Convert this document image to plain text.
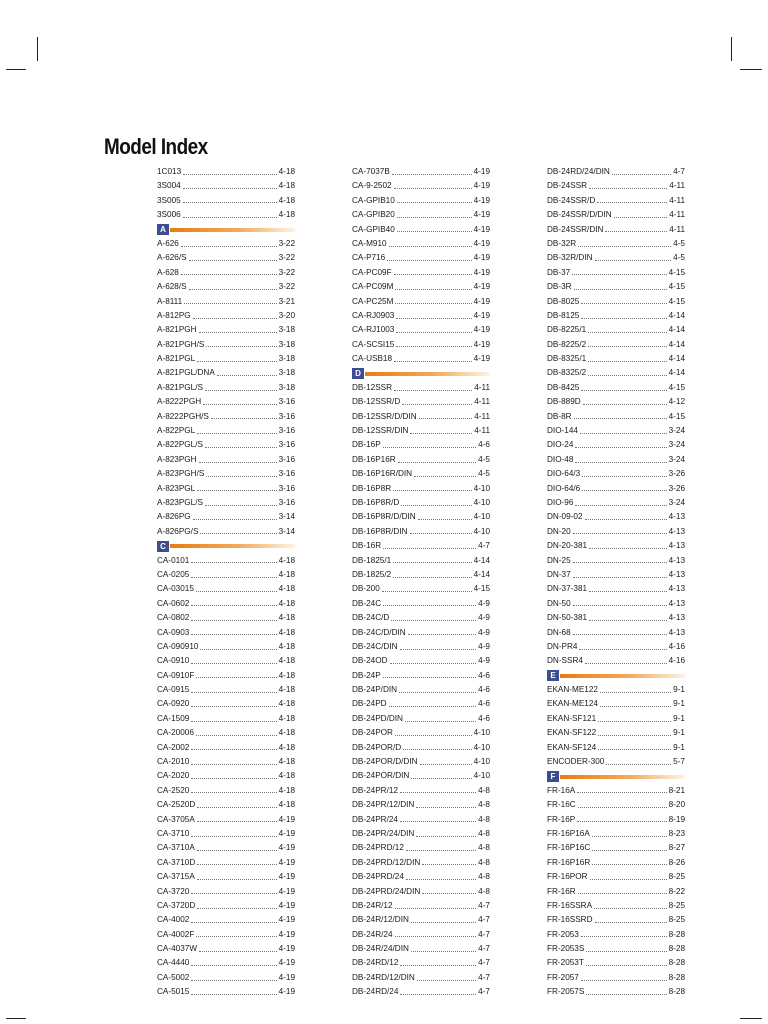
Model Index
1C013	4-18
3S004	4-18
3S005	4-18
3S006	4-18
A
A-626	3-22
A-626/S	3-22
A-628	3-22
A-628/S	3-22
A-8111	3-21
A-812PG	3-20
A-821PGH	3-18
A-821PGH/S	3-18
A-821PGL	3-18
A-821PGL/DNA	3-18
A-821PGL/S	3-18
A-8222PGH	3-16
A-8222PGH/S	3-16
A-822PGL	3-16
A-822PGL/S	3-16
A-823PGH	3-16
A-823PGH/S	3-16
A-823PGL	3-16
A-823PGL/S	3-16
A-826PG	3-14
A-826PG/S	3-14
C
CA-0101	4-18
CA-0205	4-18
CA-03015	4-18
CA-0602	4-18
CA-0802	4-18
CA-0903	4-18
CA-090910	4-18
CA-0910	4-18
CA-0910F	4-18
CA-0915	4-18
CA-0920	4-18
CA-1509	4-18
CA-20006	4-18
CA-2002	4-18
CA-2010	4-18
CA-2020	4-18
CA-2520	4-18
CA-2520D	4-18
CA-3705A	4-19
CA-3710	4-19
CA-3710A	4-19
CA-3710D	4-19
CA-3715A	4-19
CA-3720	4-19
CA-3720D	4-19
CA-4002	4-19
CA-4002F	4-19
CA-4037W	4-19
CA-4440	4-19
CA-5002	4-19
CA-5015	4-19
CA-7037B	4-19
CA-9-2502	4-19
CA-GPIB10	4-19
CA-GPIB20	4-19
CA-GPIB40	4-19
CA-M910	4-19
CA-P716	4-19
CA-PC09F	4-19
CA-PC09M	4-19
CA-PC25M	4-19
CA-RJ0903	4-19
CA-RJ1003	4-19
CA-SCSI15	4-19
CA-USB18	4-19
D
DB-12SSR	4-11
DB-12SSR/D	4-11
DB-12SSR/D/DIN	4-11
DB-12SSR/DIN	4-11
DB-16P	4-6
DB-16P16R	4-5
DB-16P16R/DIN	4-5
DB-16P8R	4-10
DB-16P8R/D	4-10
DB-16P8R/D/DIN	4-10
DB-16P8R/DIN	4-10
DB-16R	4-7
DB-1825/1	4-14
DB-1825/2	4-14
DB-200	4-15
DB-24C	4-9
DB-24C/D	4-9
DB-24C/D/DIN	4-9
DB-24C/DIN	4-9
DB-24OD	4-9
DB-24P	4-6
DB-24P/DIN	4-6
DB-24PD	4-6
DB-24PD/DIN	4-6
DB-24POR	4-10
DB-24POR/D	4-10
DB-24POR/D/DIN	4-10
DB-24POR/DIN	4-10
DB-24PR/12	4-8
DB-24PR/12/DIN	4-8
DB-24PR/24	4-8
DB-24PR/24/DIN	4-8
DB-24PRD/12	4-8
DB-24PRD/12/DIN	4-8
DB-24PRD/24	4-8
DB-24PRD/24/DIN	4-8
DB-24R/12	4-7
DB-24R/12/DIN	4-7
DB-24R/24	4-7
DB-24R/24/DIN	4-7
DB-24RD/12	4-7
DB-24RD/12/DIN	4-7
DB-24RD/24	4-7
DB-24RD/24/DIN	4-7
DB-24SSR	4-11
DB-24SSR/D	4-11
DB-24SSR/D/DIN	4-11
DB-24SSR/DIN	4-11
DB-32R	4-5
DB-32R/DIN	4-5
DB-37	4-15
DB-3R	4-15
DB-8025	4-15
DB-8125	4-14
DB-8225/1	4-14
DB-8225/2	4-14
DB-8325/1	4-14
DB-8325/2	4-14
DB-8425	4-15
DB-889D	4-12
DB-8R	4-15
DIO-144	3-24
DIO-24	3-24
DIO-48	3-24
DIO-64/3	3-26
DIO-64/6	3-26
DIO-96	3-24
DN-09-02	4-13
DN-20	4-13
DN-20-381	4-13
DN-25	4-13
DN-37	4-13
DN-37-381	4-13
DN-50	4-13
DN-50-381	4-13
DN-68	4-13
DN-PR4	4-16
DN-SSR4	4-16
E
EKAN-ME122	9-1
EKAN-ME124	9-1
EKAN-SF121	9-1
EKAN-SF122	9-1
EKAN-SF124	9-1
ENCODER-300	5-7
F
FR-16A	8-21
FR-16C	8-20
FR-16P	8-19
FR-16P16A	8-23
FR-16P16C	8-27
FR-16P16R	8-26
FR-16POR	8-25
FR-16R	8-22
FR-16SSRA	8-25
FR-16SSRD	8-25
FR-2053	8-28
FR-2053S	8-28
FR-2053T	8-28
FR-2057	8-28
FR-2057S	8-28
